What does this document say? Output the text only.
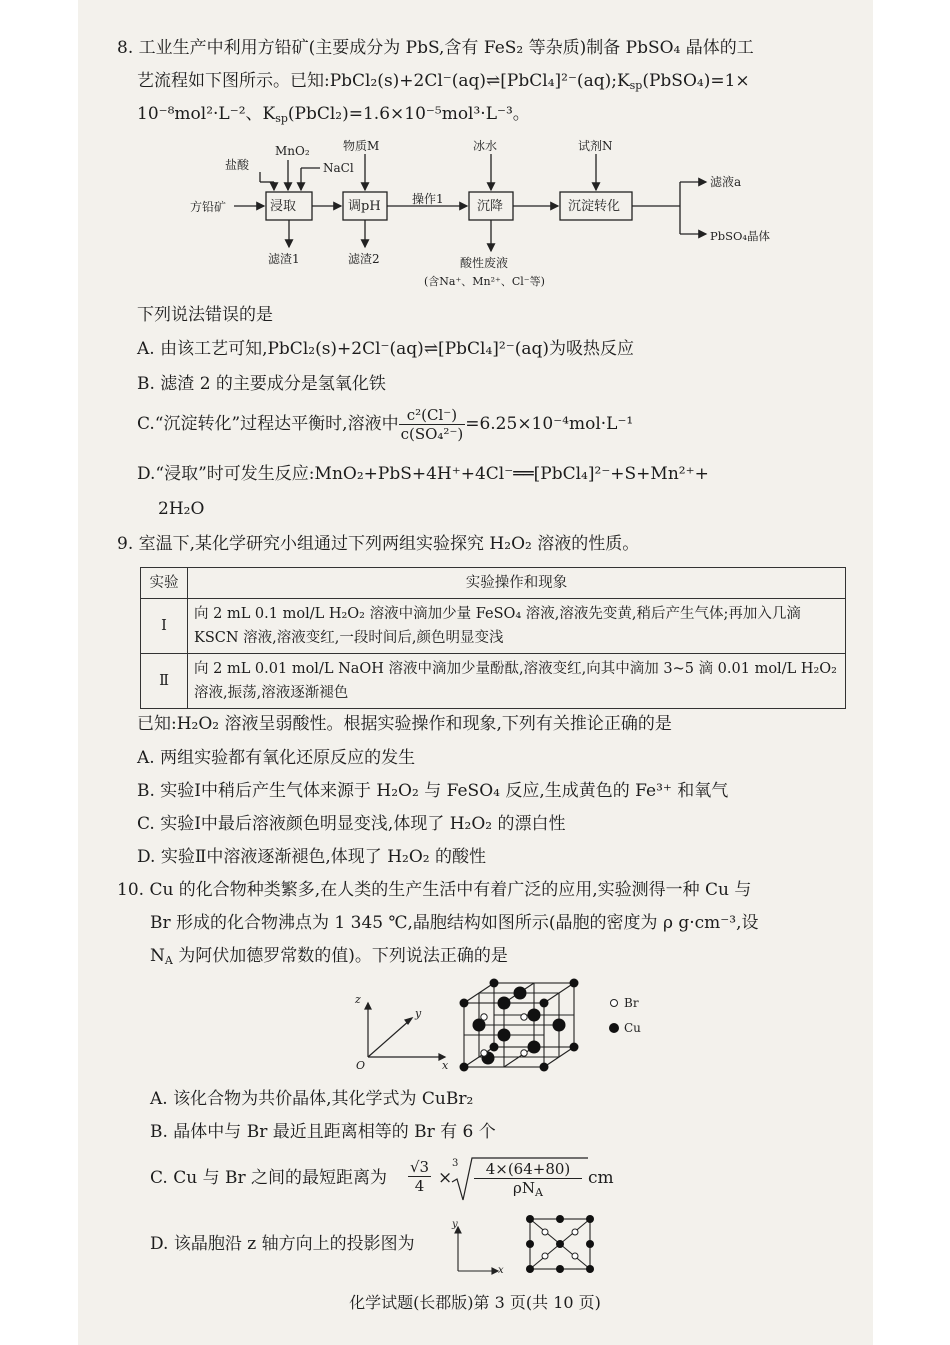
8. 工业生产中利用方铅矿(主要成分为 PbS,含有 FeS₂ 等杂质)制备 PbSO₄ 晶体的工
艺流程如下图所示。已知$:PbCl_2(s)+2Cl^-(aq)\rightleftharpoons[PbCl_4]^{2-}(aq);K_{sp}(PbSO_4)=1\times$
10⁻⁸mol²·L⁻²、$K_{sp}(PbCl_2)=1.6\times 10^{-5}mol^3\cdot L^{-3}$。
方铅矿
盐酸
MnO₂
NaCl
物质M	冰水	试剂N
浸取	调pH	操作1	沉降	沉淀转化
滤液a
PbSO₄晶体
滤渣1	滤渣2	酸性废液
(含Na⁺、Mn²⁺、Cl⁻等)
下列说法错误的是
A. 由该工艺可知,PbCl₂(s)+2Cl⁻(aq)⇌[PbCl₄]²⁻(aq)为吸热反应
B. 滤渣 2 的主要成分是氢氧化铁
C.“沉淀转化”过程达平衡时,溶液中 $\frac{\text{c²(Cl⁻)}}{\text{c(SO₄²⁻)}} =6.25\times 10^{-4}mol\cdot L^{-1}$
D.“浸取”时可发生反应:MnO₂+PbS+4H⁺+4Cl⁻══[PbCl₄]²⁻+S+Mn²⁺+
2H₂O
9. 室温下,某化学研究小组通过下列两组实验探究 H₂O₂ 溶液的性质。
实验	实验操作和现象
Ⅰ	向 2 mL 0.1 mol/L H₂O₂ 溶液中滴加少量 FeSO₄ 溶液,溶液先变黄,稍后产生气体;再加入几滴 KSCN 溶液,溶液变红,一段时间后,颜色明显变浅
Ⅱ	向 2 mL 0.01 mol/L NaOH 溶液中滴加少量酚酞,溶液变红,向其中滴加 3~5 滴 0.01 mol/L H₂O₂ 溶液,振荡,溶液逐渐褪色
已知:H₂O₂ 溶液呈弱酸性。根据实验操作和现象,下列有关推论正确的是
A. 两组实验都有氧化还原反应的发生
B. 实验Ⅰ中稍后产生气体来源于 H₂O₂ 与 FeSO₄ 反应,生成黄色的 Fe³⁺ 和氧气
C. 实验Ⅰ中最后溶液颜色明显变浅,体现了 H₂O₂ 的漂白性
D. 实验Ⅱ中溶液逐渐褪色,体现了 H₂O₂ 的酸性
10. Cu 的化合物种类繁多,在人类的生产生活中有着广泛的应用,实验测得一种 Cu 与
Br 形成的化合物沸点为 1 345 ℃,晶胞结构如图所示(晶胞的密度为 ρ g·cm⁻³,设
$N_A$ 为阿伏加德罗常数的值)。下列说法正确的是
z
y
x
O
Br
Cu
A. 该化合物为共价晶体,其化学式为 CuBr₂
B. 晶体中与 Br 最近且距离相等的 Br 有 6 个
C. Cu 与 Br 之间的最短距离为 $\frac{√3}{4}$ ×
3	4×(64+80)
$\rho N_A$
cm
D. 该晶胞沿 z 轴方向上的投影图为
y
x
化学试题(长郡版)第 3 页(共 10 页)
